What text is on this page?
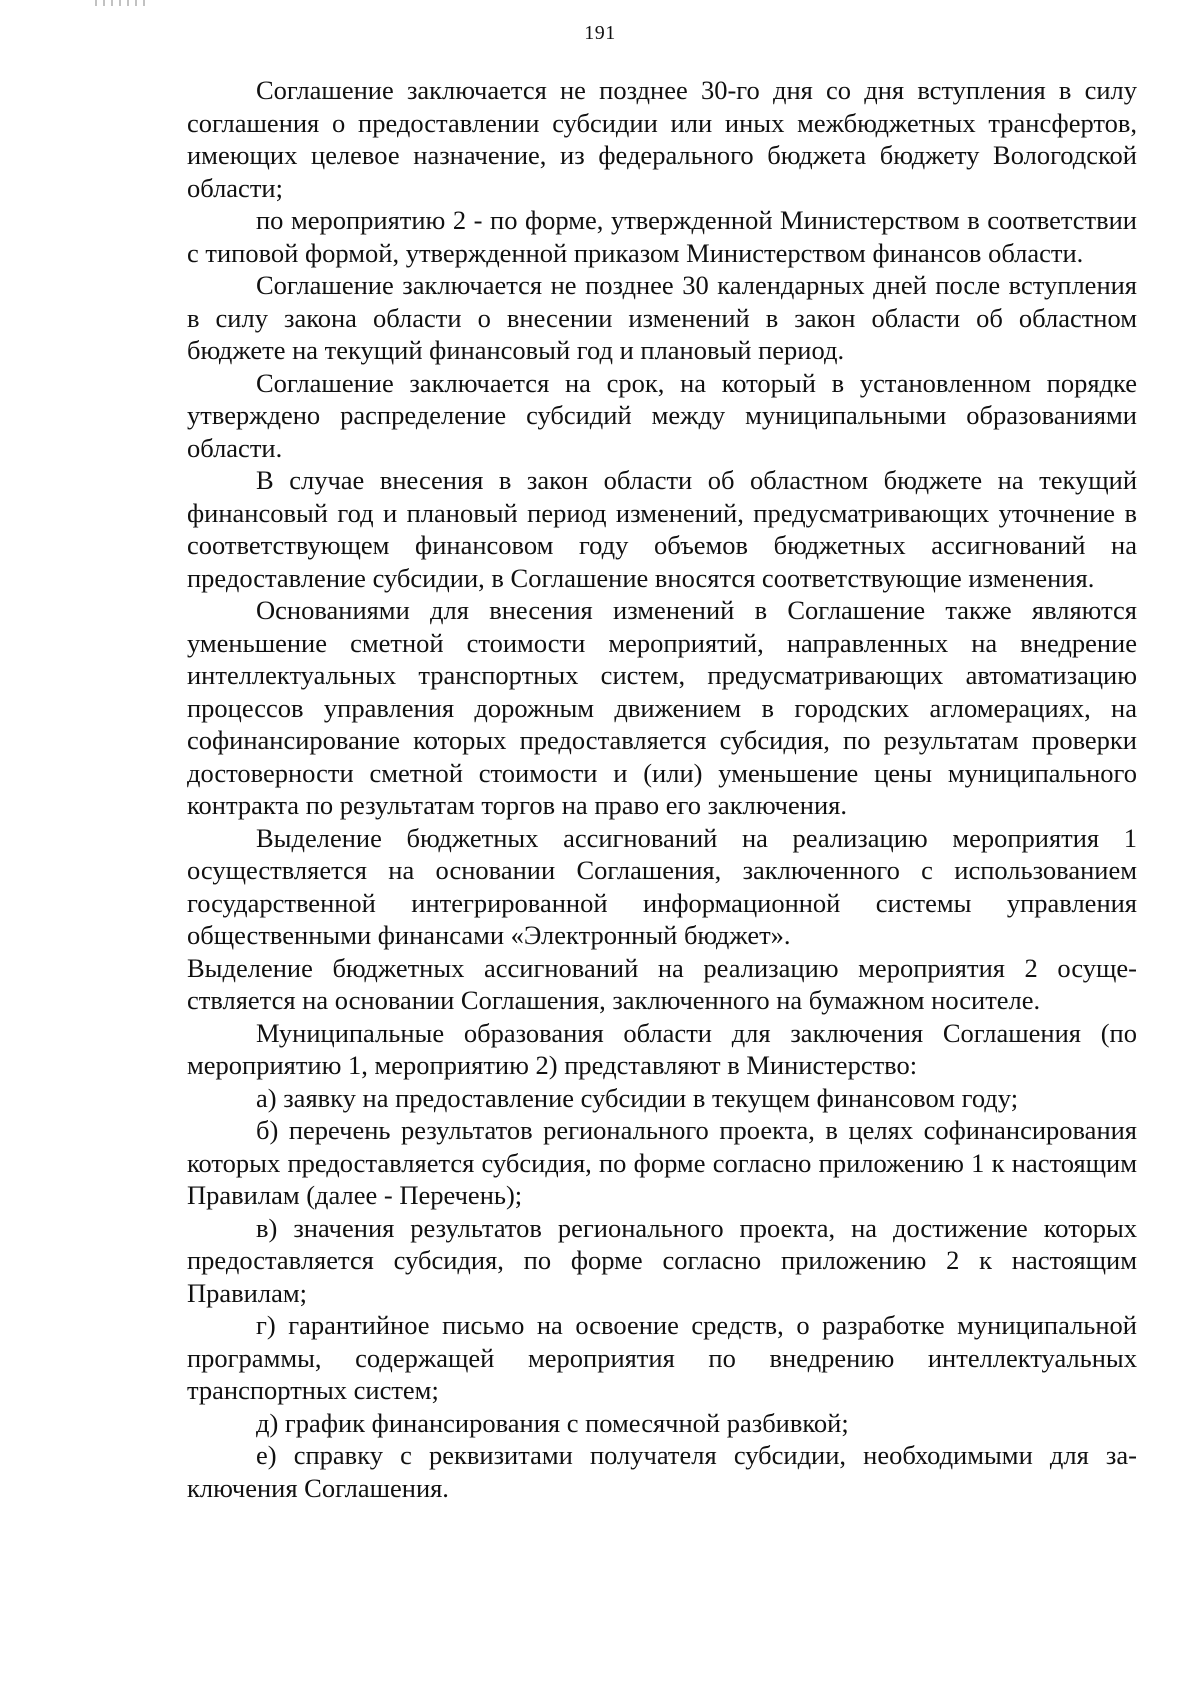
191

Соглашение заключается не позднее 30-го дня со дня вступления в силу соглашения о предоставлении субсидии или иных межбюджетных трансфертов, имеющих целевое назначение, из федерального бюджета бюджету Вологодской области;

по мероприятию 2 - по форме, утвержденной Министерством в соответствии с типовой формой, утвержденной приказом Министерством финансов области.

Соглашение заключается не позднее 30 календарных дней после вступления в силу закона области о внесении изменений в закон области об областном бюджете на текущий финансовый год и плановый период.

Соглашение заключается на срок, на который в установленном порядке утверждено распределение субсидий между муниципальными образованиями области.

В случае внесения в закон области об областном бюджете на текущий финансовый год и плановый период изменений, предусматривающих уточнение в соответствующем финансовом году объемов бюджетных ассигнований на предоставление субсидии, в Соглашение вносятся соответствующие изменения.

Основаниями для внесения изменений в Соглашение также являются уменьшение сметной стоимости мероприятий, направленных на внедрение интеллектуальных транспортных систем, предусматривающих автоматизацию процессов управления дорожным движением в городских агломерациях, на софинансирование которых предоставляется субсидия, по результатам проверки достоверности сметной стоимости и (или) уменьшение цены муниципального контракта по результатам торгов на право его заключения.

Выделение бюджетных ассигнований на реализацию мероприятия 1 осуществляется на основании Соглашения, заключенного с использованием государственной интегрированной информационной системы управления общественными финансами «Электронный бюджет».

Выделение бюджетных ассигнований на реализацию мероприятия 2 осуществляется на основании Соглашения, заключенного на бумажном носителе.

Муниципальные образования области для заключения Соглашения (по мероприятию 1, мероприятию 2) представляют в Министерство:

а) заявку на предоставление субсидии в текущем финансовом году;

б) перечень результатов регионального проекта, в целях софинансирования которых предоставляется субсидия, по форме согласно приложению 1 к настоящим Правилам (далее - Перечень);

в) значения результатов регионального проекта, на достижение которых предоставляется субсидия, по форме согласно приложению 2 к настоящим Правилам;

г) гарантийное письмо на освоение средств, о разработке муниципальной программы, содержащей мероприятия по внедрению интеллектуальных транспортных систем;

д) график финансирования с помесячной разбивкой;

е) справку с реквизитами получателя субсидии, необходимыми для заключения Соглашения.
